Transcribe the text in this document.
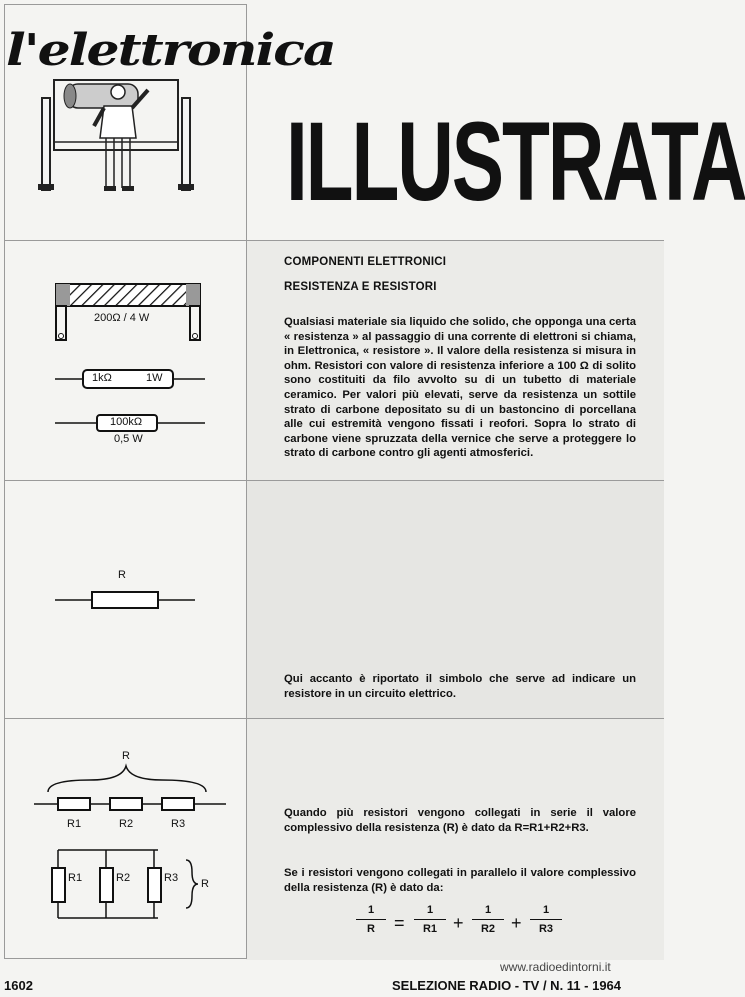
l'elettronica
ILLUSTRATA
200Ω / 4 W
1kΩ	1W
100kΩ
0,5 W
COMPONENTI ELETTRONICI
RESISTENZA E RESISTORI
Qualsiasi materiale sia liquido che solido, che opponga una certa « resistenza » al passaggio di una corrente di elettroni si chiama, in Elettronica, « resistore ». Il valore della resistenza si misura in ohm. Resistori con valore di resistenza inferiore a 100 Ω di solito sono costituiti da filo avvolto su di un tubetto di materiale ceramico. Per valori più elevati, serve da resistenza un sottile strato di carbone depositato su di un bastoncino di porcellana alle cui estremità vengono fissati i reofori. Sopra lo strato di carbone viene spruzzata della vernice che serve a proteggere lo strato di carbone contro gli agenti atmosferici.
R
Qui accanto è riportato il simbolo che serve ad indicare un resistore in un circuito elettrico.
R
R1	R2	R3
R1	R2	R3 R
Quando più resistori vengono collegati in serie il valore complessivo della resistenza (R) è dato da R=R1+R2+R3.
Se i resistori vengono collegati in parallelo il valore complessivo della resistenza (R) è dato da:
1
R	=
1
R1 +
1
R2 +
1
R3
www.radioedintorni.it
1602	SELEZIONE RADIO - TV / N. 11 - 1964
